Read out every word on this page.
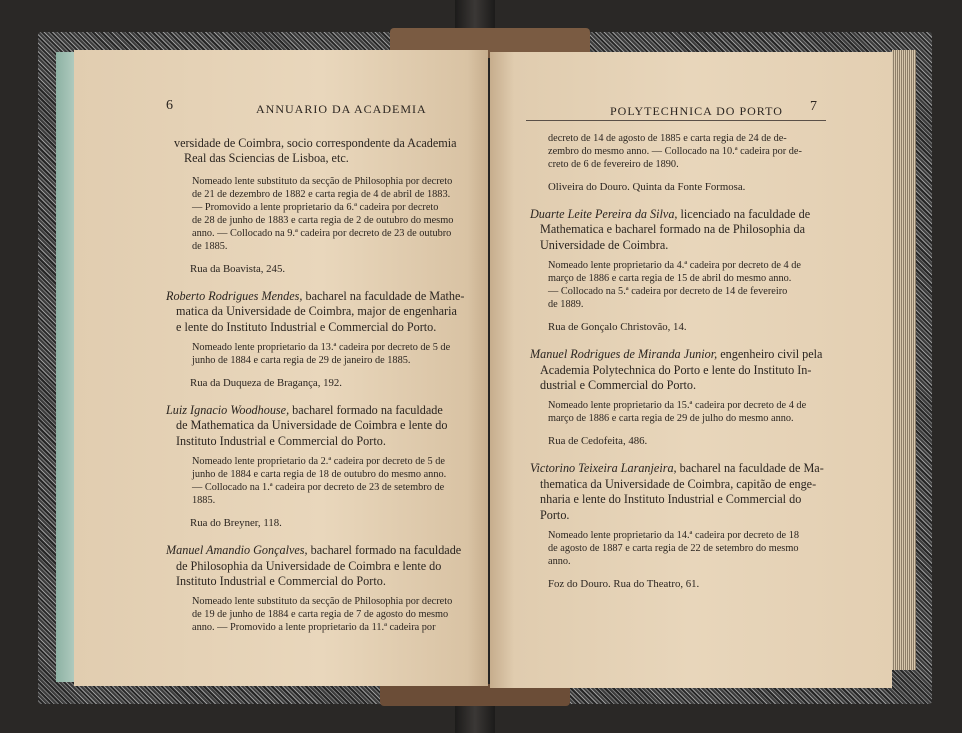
6	ANNUARIO DA ACADEMIA
versidade de Coimbra, socio correspondente da Academia
Real das Sciencias de Lisboa, etc.
Nomeado lente substituto da secção de Philosophia por decreto
de 21 de dezembro de 1882 e carta regia de 4 de abril de 1883.
— Promovido a lente proprietario da 6.ª cadeira por decreto
de 28 de junho de 1883 e carta regia de 2 de outubro do mesmo
anno. — Collocado na 9.ª cadeira por decreto de 23 de outubro
de 1885.
Rua da Boavista, 245.
Roberto Rodrigues Mendes, bacharel na faculdade de Mathe-
matica da Universidade de Coimbra, major de engenharia
e lente do Instituto Industrial e Commercial do Porto.
Nomeado lente proprietario da 13.ª cadeira por decreto de 5 de
junho de 1884 e carta regia de 29 de janeiro de 1885.
Rua da Duqueza de Bragança, 192.
Luiz Ignacio Woodhouse, bacharel formado na faculdade
de Mathematica da Universidade de Coimbra e lente do
Instituto Industrial e Commercial do Porto.
Nomeado lente proprietario da 2.ª cadeira por decreto de 5 de
junho de 1884 e carta regia de 18 de outubro do mesmo anno.
— Collocado na 1.ª cadeira por decreto de 23 de setembro de
1885.
Rua do Breyner, 118.
Manuel Amandio Gonçalves, bacharel formado na faculdade
de Philosophia da Universidade de Coimbra e lente do
Instituto Industrial e Commercial do Porto.
Nomeado lente substituto da secção de Philosophia por decreto
de 19 de junho de 1884 e carta regia de 7 de agosto do mesmo
anno. — Promovido a lente proprietario da 11.ª cadeira por
POLYTECHNICA DO PORTO 7
decreto de 14 de agosto de 1885 e carta regia de 24 de de-
zembro do mesmo anno. — Collocado na 10.ª cadeira por de-
creto de 6 de fevereiro de 1890.
Oliveira do Douro. Quinta da Fonte Formosa.
Duarte Leite Pereira da Silva, licenciado na faculdade de
Mathematica e bacharel formado na de Philosophia da
Universidade de Coimbra.
Nomeado lente proprietario da 4.ª cadeira por decreto de 4 de
março de 1886 e carta regia de 15 de abril do mesmo anno.
— Collocado na 5.ª cadeira por decreto de 14 de fevereiro
de 1889.
Rua de Gonçalo Christovão, 14.
Manuel Rodrigues de Miranda Junior, engenheiro civil pela
Academia Polytechnica do Porto e lente do Instituto In-
dustrial e Commercial do Porto.
Nomeado lente proprietario da 15.ª cadeira por decreto de 4 de
março de 1886 e carta regia de 29 de julho do mesmo anno.
Rua de Cedofeita, 486.
Victorino Teixeira Laranjeira, bacharel na faculdade de Ma-
thematica da Universidade de Coimbra, capitão de enge-
nharia e lente do Instituto Industrial e Commercial do
Porto.
Nomeado lente proprietario da 14.ª cadeira por decreto de 18
de agosto de 1887 e carta regia de 22 de setembro do mesmo
anno.
Foz do Douro. Rua do Theatro, 61.
